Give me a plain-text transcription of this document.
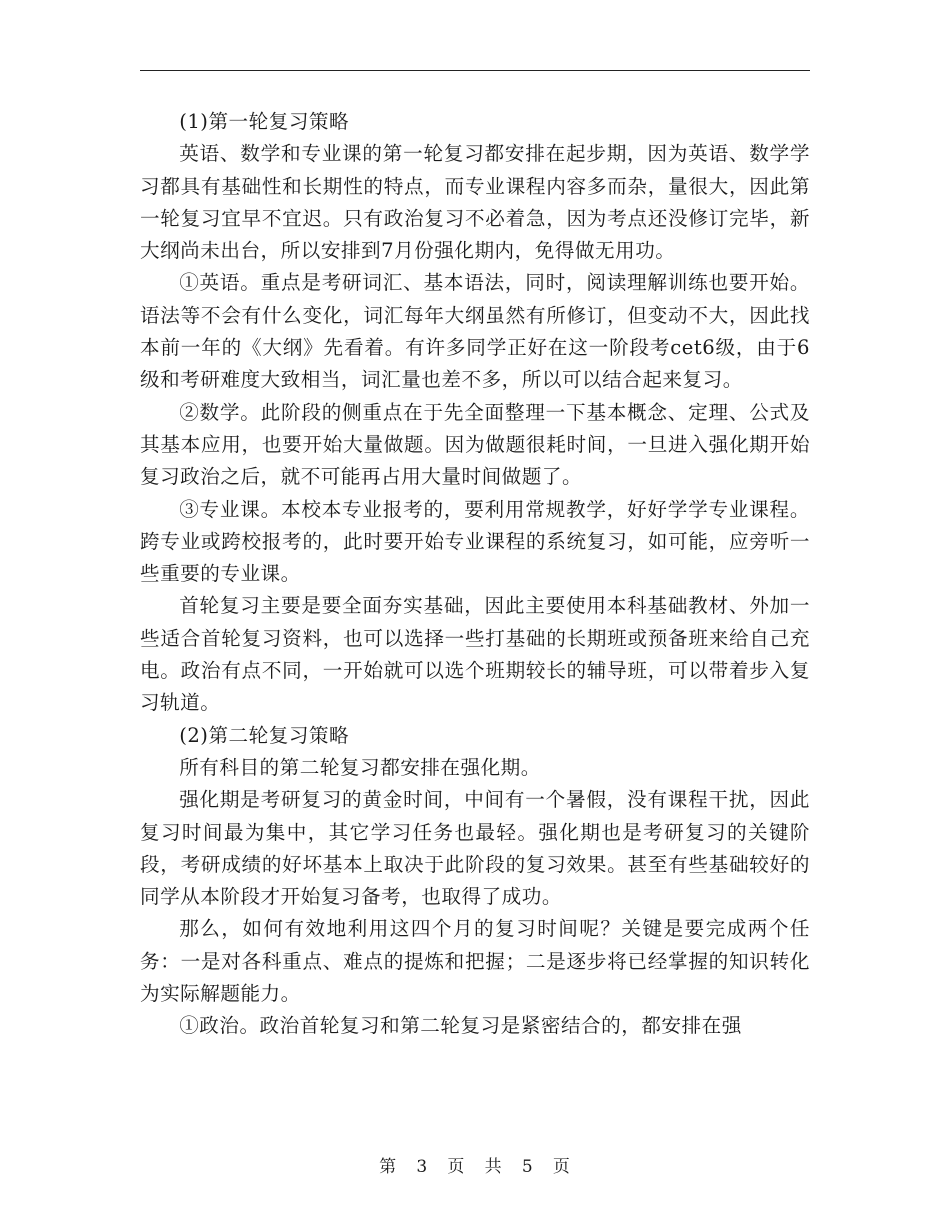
(1)第一轮复习策略

英语、数学和专业课的第一轮复习都安排在起步期，因为英语、数学学习都具有基础性和长期性的特点，而专业课程内容多而杂，量很大，因此第一轮复习宜早不宜迟。只有政治复习不必着急，因为考点还没修订完毕，新大纲尚未出台，所以安排到7月份强化期内，免得做无用功。

①英语。重点是考研词汇、基本语法，同时，阅读理解训练也要开始。语法等不会有什么变化，词汇每年大纲虽然有所修订，但变动不大，因此找本前一年的《大纲》先看着。有许多同学正好在这一阶段考cet6级，由于6级和考研难度大致相当，词汇量也差不多，所以可以结合起来复习。

②数学。此阶段的侧重点在于先全面整理一下基本概念、定理、公式及其基本应用，也要开始大量做题。因为做题很耗时间，一旦进入强化期开始复习政治之后，就不可能再占用大量时间做题了。

③专业课。本校本专业报考的，要利用常规教学，好好学学专业课程。跨专业或跨校报考的，此时要开始专业课程的系统复习，如可能，应旁听一些重要的专业课。

首轮复习主要是要全面夯实基础，因此主要使用本科基础教材、外加一些适合首轮复习资料，也可以选择一些打基础的长期班或预备班来给自己充电。政治有点不同，一开始就可以选个班期较长的辅导班，可以带着步入复习轨道。

(2)第二轮复习策略

所有科目的第二轮复习都安排在强化期。

强化期是考研复习的黄金时间，中间有一个暑假，没有课程干扰，因此复习时间最为集中，其它学习任务也最轻。强化期也是考研复习的关键阶段，考研成绩的好坏基本上取决于此阶段的复习效果。甚至有些基础较好的同学从本阶段才开始复习备考，也取得了成功。

那么，如何有效地利用这四个月的复习时间呢？关键是要完成两个任务：一是对各科重点、难点的提炼和把握；二是逐步将已经掌握的知识转化为实际解题能力。

①政治。政治首轮复习和第二轮复习是紧密结合的，都安排在强

第 3 页 共 5 页
